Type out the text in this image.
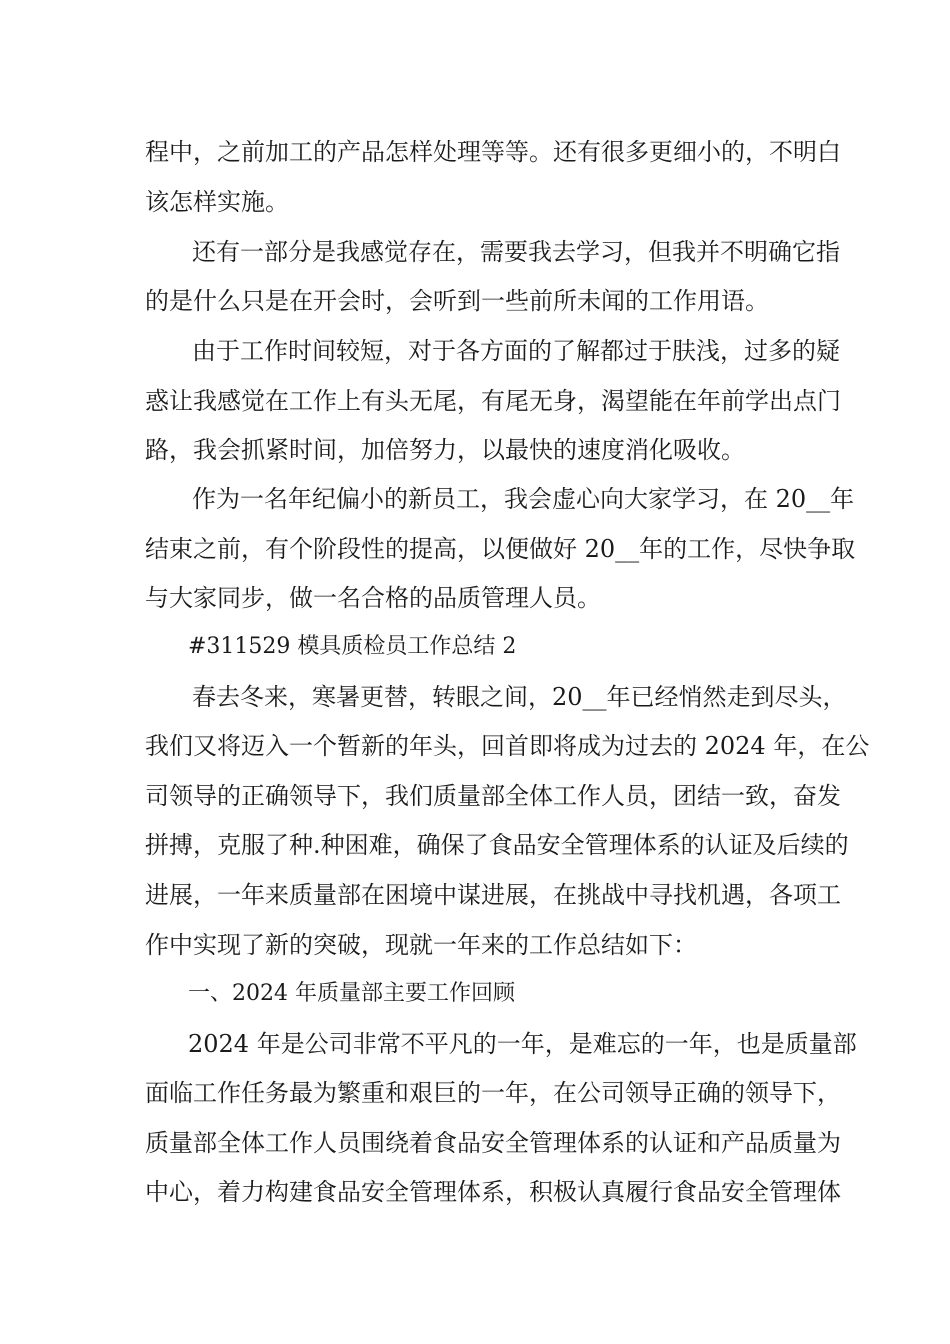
程中，之前加工的产品怎样处理等等。还有很多更细小的，不明白
该怎样实施。
还有一部分是我感觉存在，需要我去学习，但我并不明确它指
的是什么只是在开会时，会听到一些前所未闻的工作用语。
由于工作时间较短，对于各方面的了解都过于肤浅，过多的疑
惑让我感觉在工作上有头无尾，有尾无身，渴望能在年前学出点门
路，我会抓紧时间，加倍努力，以最快的速度消化吸收。
作为一名年纪偏小的新员工，我会虚心向大家学习，在 20__年
结束之前，有个阶段性的提高，以便做好 20__年的工作，尽快争取
与大家同步，做一名合格的品质管理人员。
#311529 模具质检员工作总结 2
春去冬来，寒暑更替，转眼之间，20__年已经悄然走到尽头，
我们又将迈入一个暂新的年头，回首即将成为过去的 2024 年，在公
司领导的正确领导下，我们质量部全体工作人员，团结一致，奋发
拼搏，克服了种.种困难，确保了食品安全管理体系的认证及后续的
进展，一年来质量部在困境中谋进展，在挑战中寻找机遇，各项工
作中实现了新的突破，现就一年来的工作总结如下：
一、2024 年质量部主要工作回顾
2024 年是公司非常不平凡的一年，是难忘的一年，也是质量部
面临工作任务最为繁重和艰巨的一年，在公司领导正确的领导下，
质量部全体工作人员围绕着食品安全管理体系的认证和产品质量为
中心，着力构建食品安全管理体系，积极认真履行食品安全管理体
